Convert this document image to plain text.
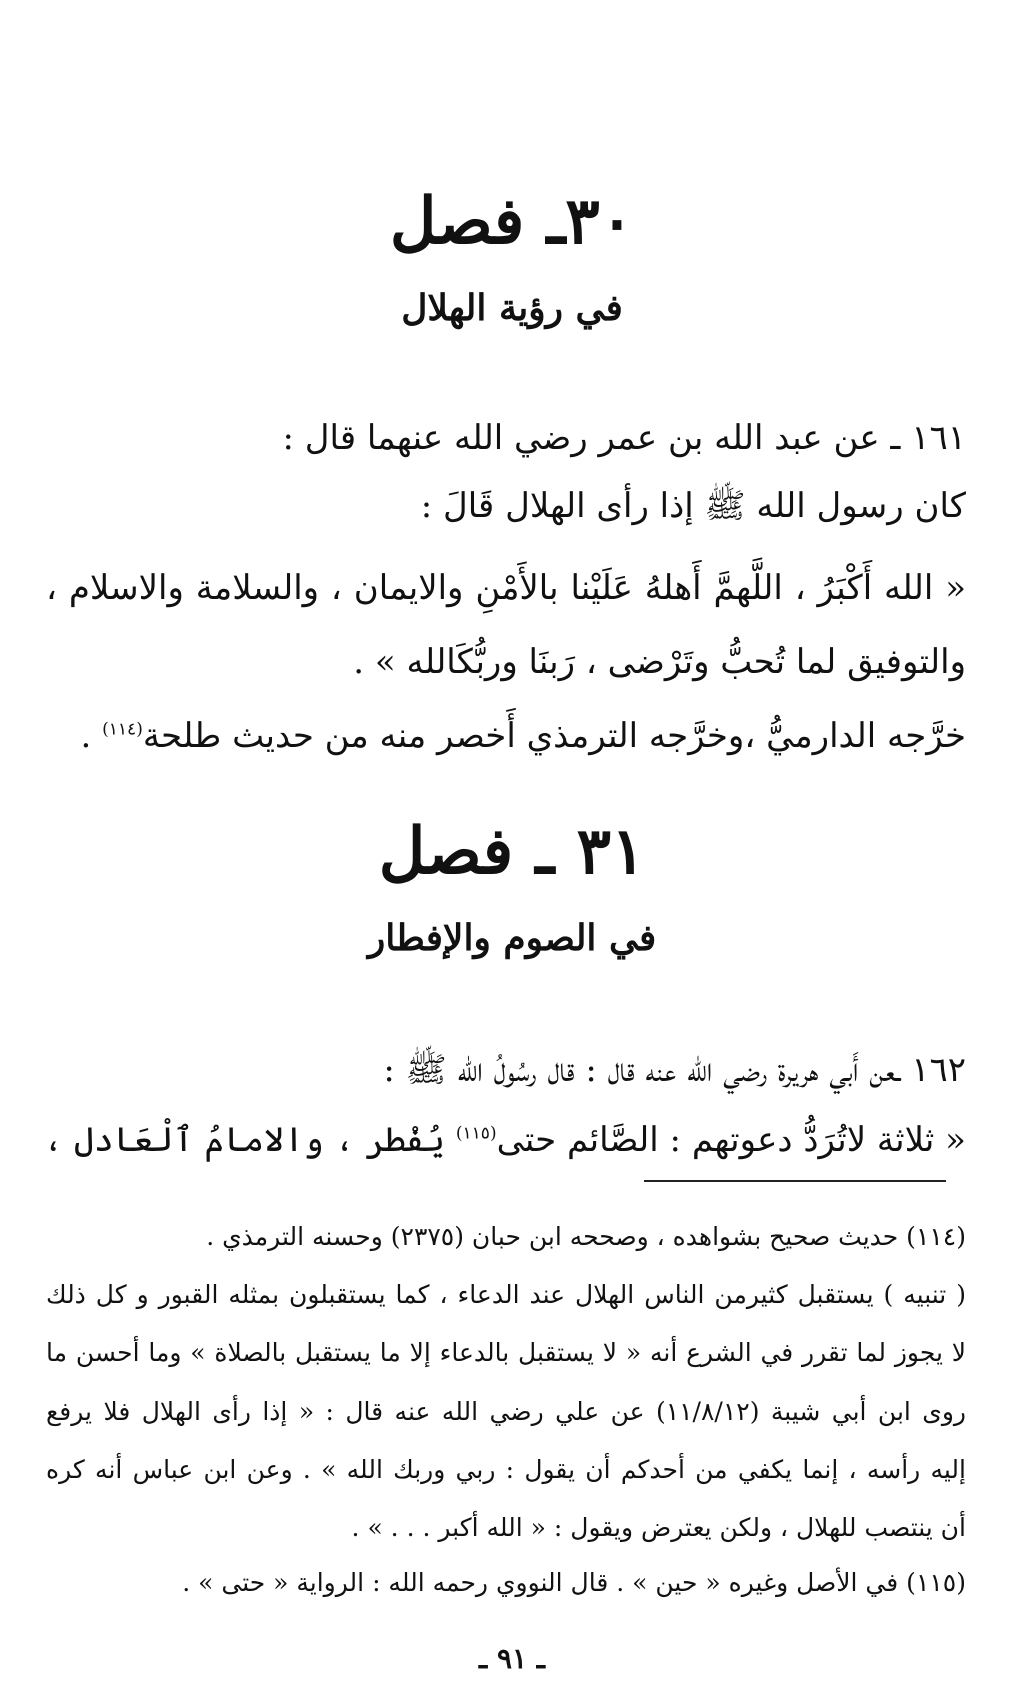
٣٠ـ فصل
في رؤية الهلال
١٦١ ـ عن عبد الله بن عمر رضي الله عنهما قال :
كان رسول الله ﷺ إذا رأى الهلال قَالَ :
« الله أَكْبَرُ ، اللَّهمَّ أَهلهُ عَلَيْنا بالأَمْنِ والايمان ، والسلامة والاسلام ،
والتوفيق لما تُحبُّ وتَرْضى ، رَبنَا وربُّكَالله » .
خرَّجه الدارميُّ ،وخرَّجه الترمذي أَخصر منه من حديث طلحة$^{(١١٤)}$ .
٣١ ـ فصل
في الصوم والإفطار
١٦٢ ـعن أَبي هريرة رضي الله عنه قال : قال رسُولُ الله ﷺ :
« ثلاثة لاتُرَدُّ دعوتهم : الصَّائم حتى$^{(١١٥)}$ يُفْطر ، والامامُ ٱلْعَادل ،
(١١٤) حديث صحيح بشواهده ، وصححه ابن حبان (٢٣٧٥) وحسنه الترمذي .
( تنبيه ) يستقبل كثيرمن الناس الهلال عند الدعاء ، كما يستقبلون بمثله القبور و كل ذلك
لا يجوز لما تقرر في الشرع أنه « لا يستقبل بالدعاء إلا ما يستقبل بالصلاة » وما أحسن ما
روى ابن أبي شيبة (١١/٨/١٢) عن علي رضي الله عنه قال : « إذا رأى الهلال فلا يرفع
إليه رأسه ، إنما يكفي من أحدكم أن يقول : ربي وربك الله » . وعن ابن عباس أنه كره
أن ينتصب للهلال ، ولكن يعترض ويقول : « الله أكبر . . . » .
(١١٥) في الأصل وغيره « حين » . قال النووي رحمه الله : الرواية « حتى » .
ـ ٩١ ـ
